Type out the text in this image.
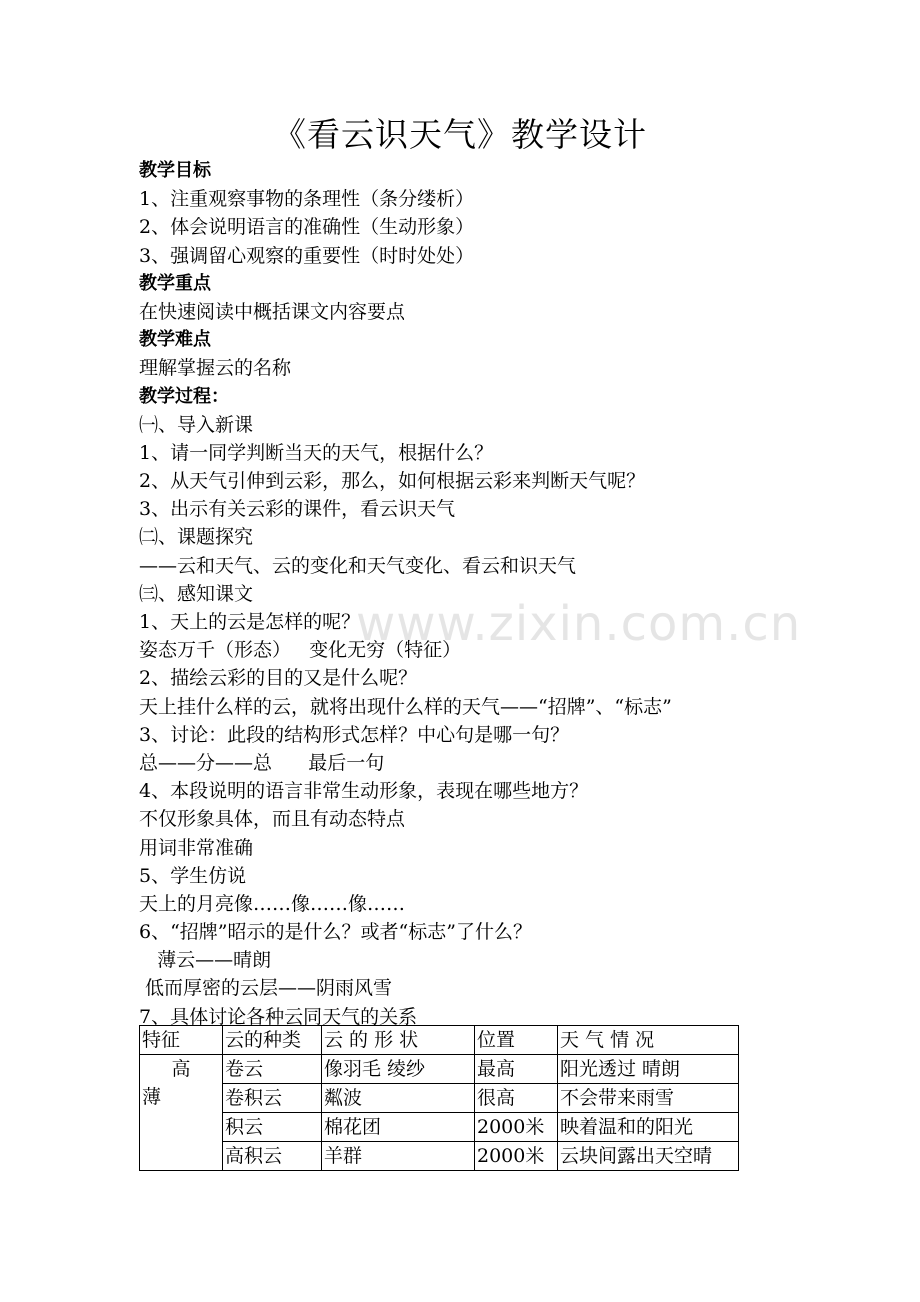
《看云识天气》教学设计
教学目标
1、注重观察事物的条理性（条分缕析）
2、体会说明语言的准确性（生动形象）
3、强调留心观察的重要性（时时处处）
教学重点
在快速阅读中概括课文内容要点
教学难点
理解掌握云的名称
教学过程：
㈠、导入新课
1、请一同学判断当天的天气，根据什么？
2、从天气引伸到云彩，那么，如何根据云彩来判断天气呢？
3、出示有关云彩的课件，看云识天气
㈡、课题探究
——云和天气、云的变化和天气变化、看云和识天气
㈢、感知课文
1、天上的云是怎样的呢？
姿态万千（形态）   变化无穷（特征）
2、描绘云彩的目的又是什么呢？
天上挂什么样的云，就将出现什么样的天气——“招牌”、“标志”
3、讨论：此段的结构形式怎样？中心句是哪一句？
总——分——总      最后一句
4、本段说明的语言非常生动形象，表现在哪些地方？
不仅形象具体，而且有动态特点
用词非常准确
5、学生仿说
天上的月亮像……像……像……
6、“招牌”昭示的是什么？或者“标志”了什么？
薄云——晴朗
低而厚密的云层——阴雨风雪
7、具体讨论各种云同天气的关系
特征	云的种类	云 的 形 状	位置	天 气 情 况

高
薄	卷云	像羽毛 绫纱	最高	阳光透过 晴朗
	卷积云	粼波	很高	不会带来雨雪
	积云	棉花团	2000米	映着温和的阳光
	高积云	羊群	2000米	云块间露出天空晴
www.zixin.com.cn
